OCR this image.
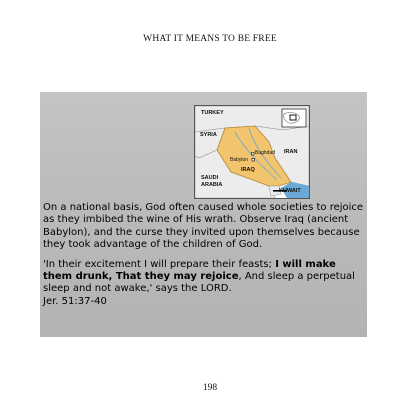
WHAT IT MEANS TO BE FREE
TURKEY
SYRIA
IRAN
IRAQ
SAUDI
ARABIA
KUWAIT
Baghdad
Babylon

On a national basis, God often caused whole societies to rejoice as they imbibed the wine of His wrath. Observe Iraq (ancient Babylon), and the curse they invited upon themselves because they took advantage of the children of God.

'In their excitement I will prepare their feasts; I will make them drunk, That they may rejoice, And sleep a perpetual sleep and not awake,' says the LORD.

Jer. 51:37-40

198
